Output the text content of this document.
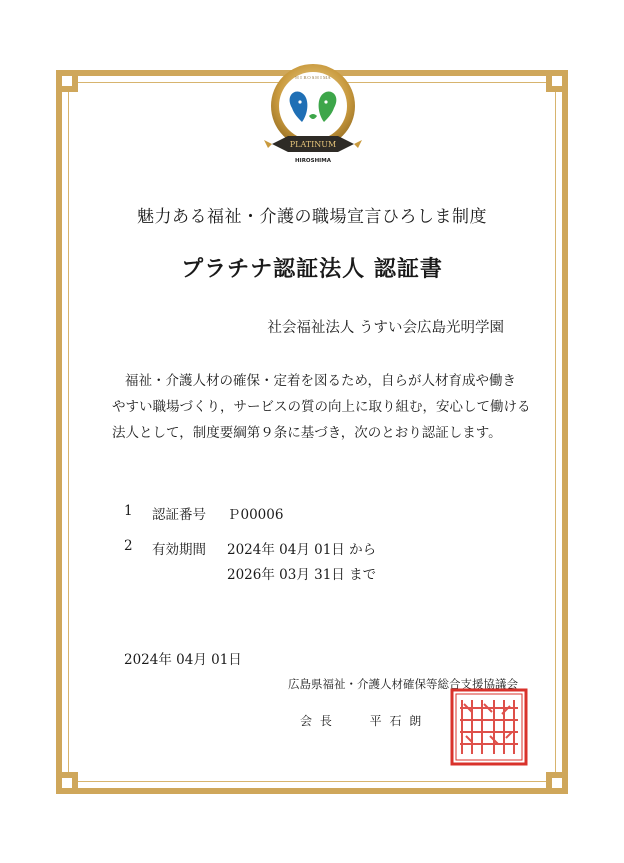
ＨＩＲＯＳＨＩＭＡ
PLATINUM
HIROSHIMA
魅力ある福祉・介護の職場宣言ひろしま制度
プラチナ認証法人 認証書
社会福祉法人 うすい会広島光明学園
福祉・介護人材の確保・定着を図るため，自らが人材育成や働き
やすい職場づくり，サービスの質の向上に取り組む，安心して働ける
法人として，制度要綱第９条に基づき，次のとおり認証します。
1 認証番号 Ｐ00006
2 有効期間 2024年 04月 01日 から
2026年 03月 31日 まで
2024年 04月 01日
広島県福祉・介護人材確保等総合支援協議会
会 長	平 石 朗
